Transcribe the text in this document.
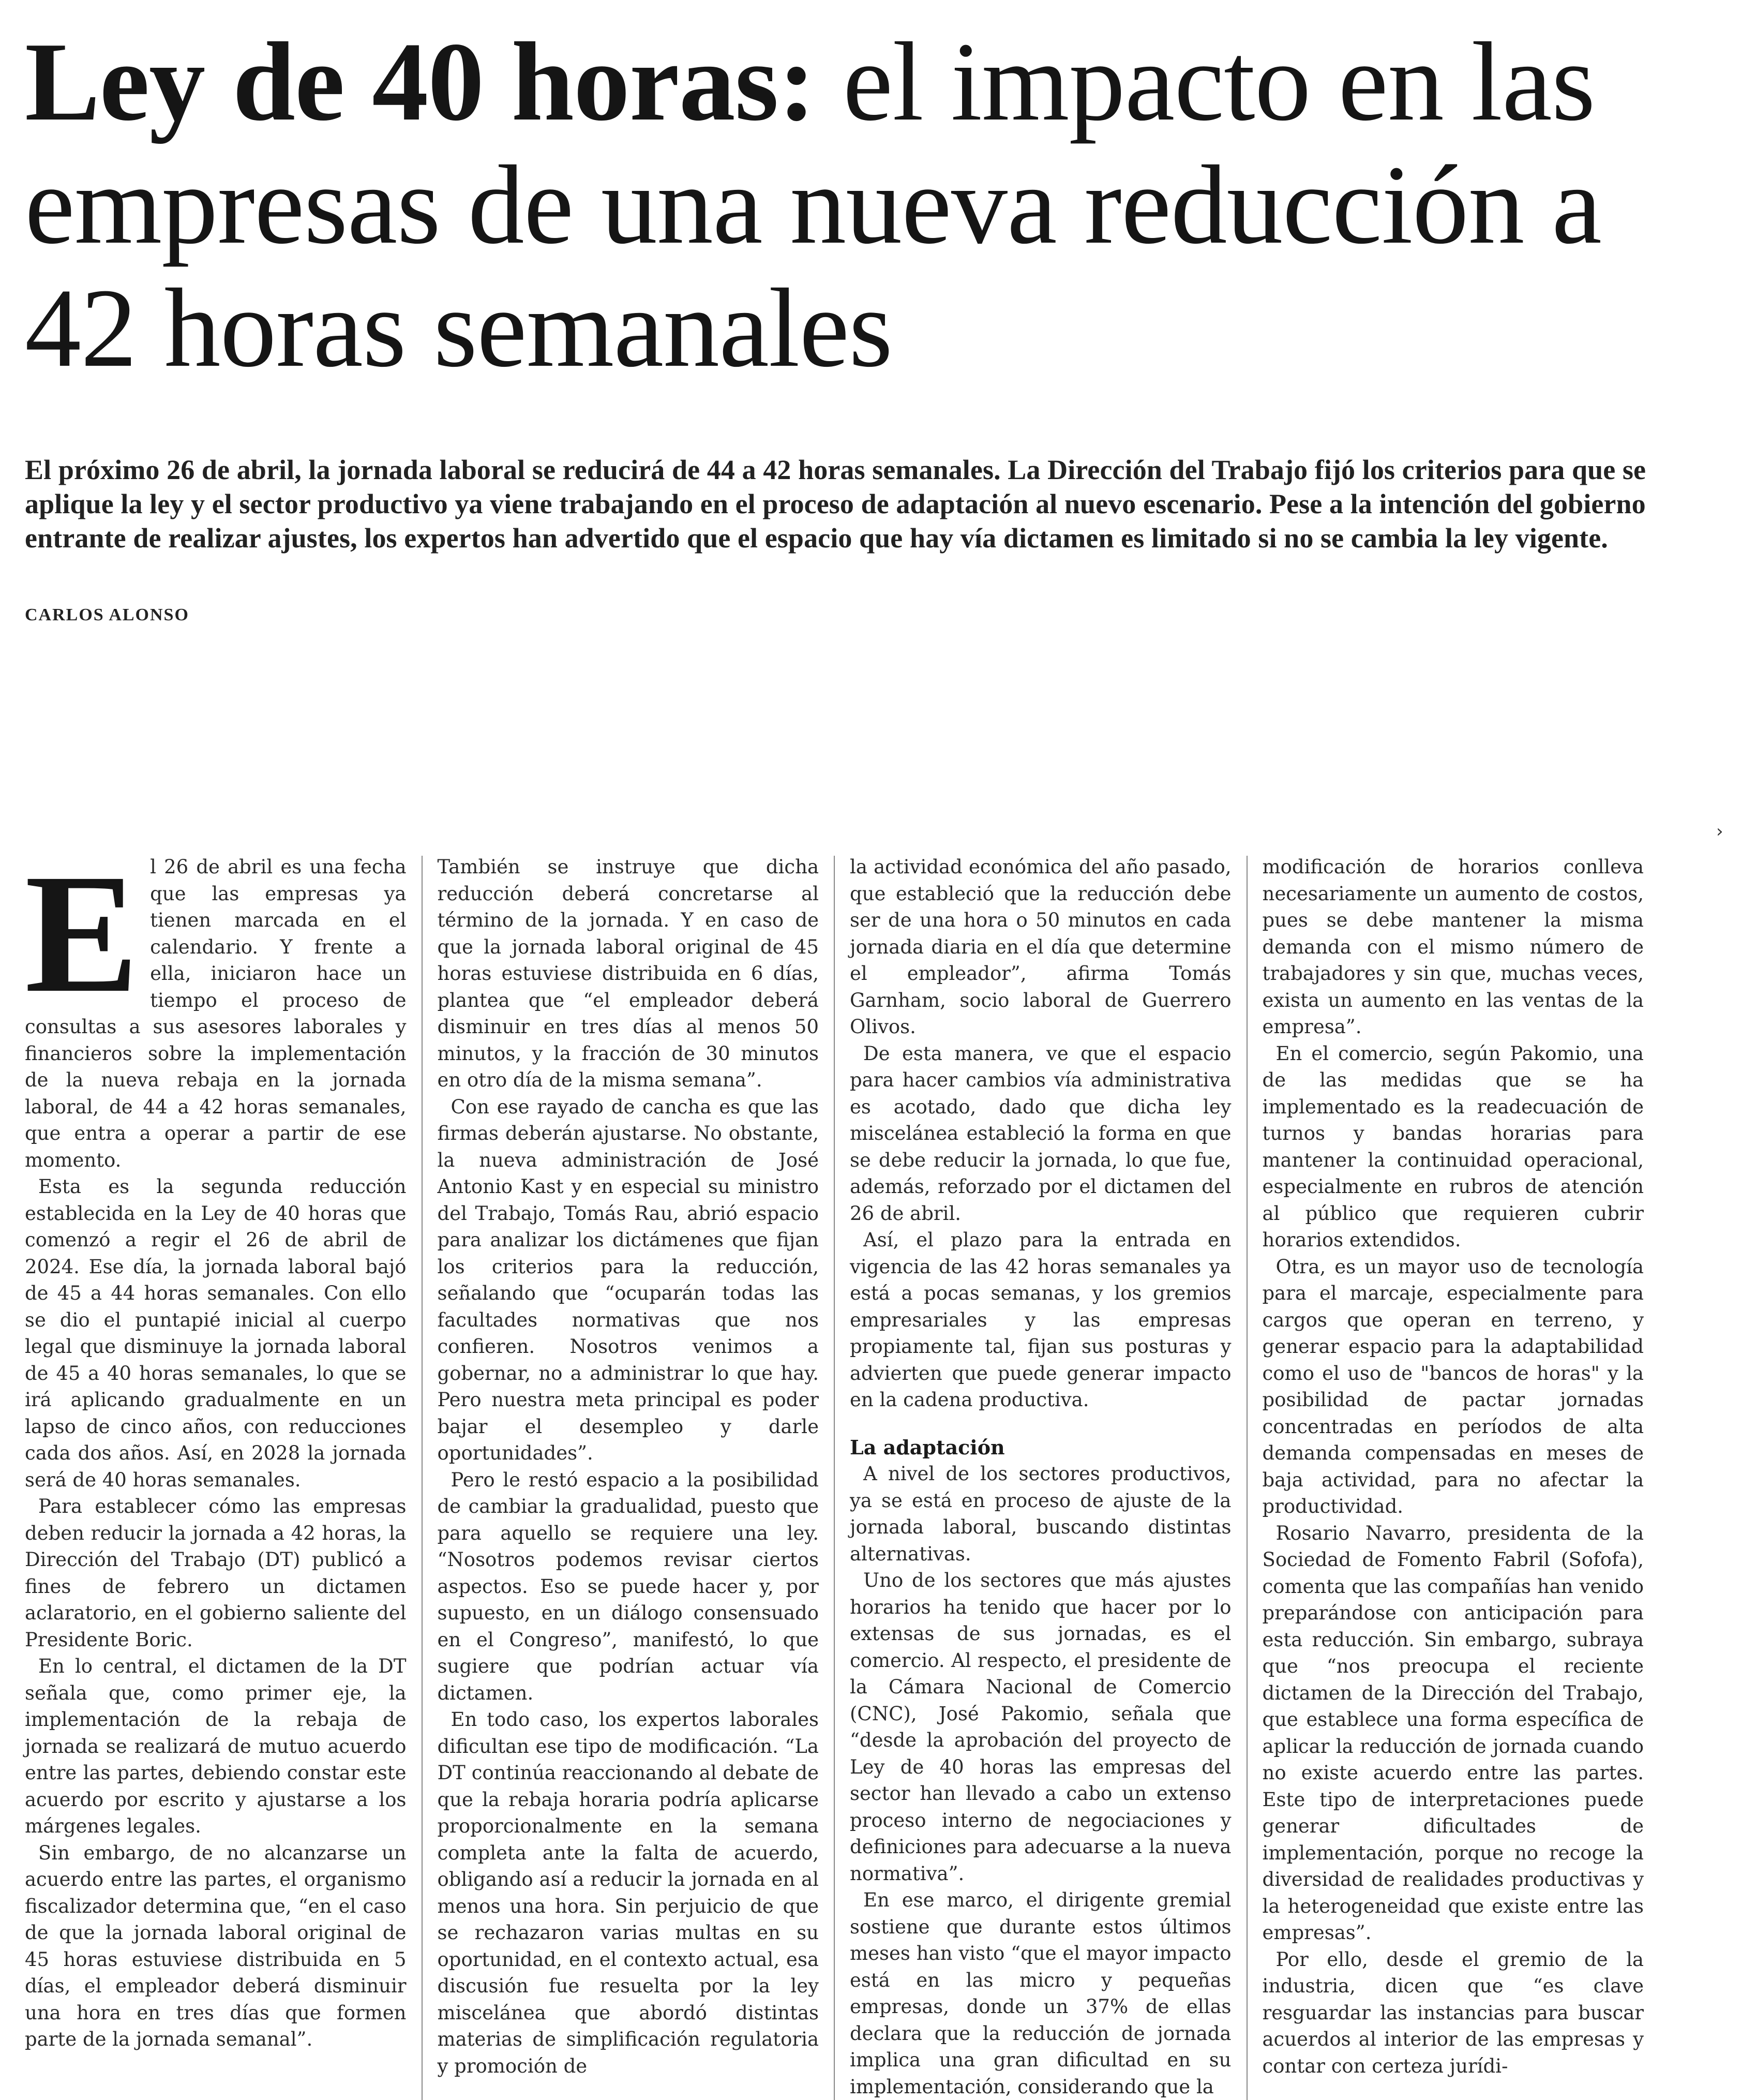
Ley de 40 horas: el impacto en las empresas de una nueva reducción a 42 horas semanales

El próximo 26 de abril, la jornada laboral se reducirá de 44 a 42 horas semanales. La Dirección del Trabajo fijó los criterios para que se aplique la ley y el sector productivo ya viene trabajando en el proceso de adaptación al nuevo escenario. Pese a la intención del gobierno entrante de realizar ajustes, los expertos han advertido que el espacio que hay vía dictamen es limitado si no se cambia la ley vigente.

CARLOS ALONSO
›
E l 26 de abril es una fecha que las empresas ya tienen marcada en el calendario. Y frente a ella, iniciaron hace un tiempo el proceso de consultas a sus asesores laborales y financieros sobre la implementación de la nueva rebaja en la jornada laboral, de 44 a 42 horas semanales, que entra a operar a partir de ese momento.

Esta es la segunda reducción establecida en la Ley de 40 horas que comenzó a regir el 26 de abril de 2024. Ese día, la jornada laboral bajó de 45 a 44 horas semanales. Con ello se dio el puntapié inicial al cuerpo legal que disminuye la jornada laboral de 45 a 40 horas semanales, lo que se irá aplicando gradualmente en un lapso de cinco años, con reducciones cada dos años. Así, en 2028 la jornada será de 40 horas semanales.

Para establecer cómo las empresas deben reducir la jornada a 42 horas, la Dirección del Trabajo (DT) publicó a fines de febrero un dictamen aclaratorio, en el gobierno saliente del Presidente Boric.

En lo central, el dictamen de la DT señala que, como primer eje, la implementación de la rebaja de jornada se realizará de mutuo acuerdo entre las partes, debiendo constar este acuerdo por escrito y ajustarse a los márgenes legales.

Sin embargo, de no alcanzarse un acuerdo entre las partes, el organismo fiscalizador determina que, “en el caso de que la jornada laboral original de 45 horas estuviese distribuida en 5 días, el empleador deberá disminuir una hora en tres días que formen parte de la jornada semanal”.

También se instruye que dicha reducción deberá concretarse al término de la jornada. Y en caso de que la jornada laboral original de 45 horas estuviese distribuida en 6 días, plantea que “el empleador deberá disminuir en tres días al menos 50 minutos, y la fracción de 30 minutos en otro día de la misma semana”.

Con ese rayado de cancha es que las firmas deberán ajustarse. No obstante, la nueva administración de José Antonio Kast y en especial su ministro del Trabajo, Tomás Rau, abrió espacio para analizar los dictámenes que fijan los criterios para la reducción, señalando que “ocuparán todas las facultades normativas que nos confieren. Nosotros venimos a gobernar, no a administrar lo que hay. Pero nuestra meta principal es poder bajar el desempleo y darle oportunidades”.

Pero le restó espacio a la posibilidad de cambiar la gradualidad, puesto que para aquello se requiere una ley. “Nosotros podemos revisar ciertos aspectos. Eso se puede hacer y, por supuesto, en un diálogo consensuado en el Congreso”, manifestó, lo que sugiere que podrían actuar vía dictamen.

En todo caso, los expertos laborales dificultan ese tipo de modificación. “La DT continúa reaccionando al debate de que la rebaja horaria podría aplicarse proporcionalmente en la semana completa ante la falta de acuerdo, obligando así a reducir la jornada en al menos una hora. Sin perjuicio de que se rechazaron varias multas en su oportunidad, en el contexto actual, esa discusión fue resuelta por la ley miscelánea que abordó distintas materias de simplificación regulatoria y promoción de

la actividad económica del año pasado, que estableció que la reducción debe ser de una hora o 50 minutos en cada jornada diaria en el día que determine el empleador”, afirma Tomás Garnham, socio laboral de Guerrero Olivos.

De esta manera, ve que el espacio para hacer cambios vía administrativa es acotado, dado que dicha ley miscelánea estableció la forma en que se debe reducir la jornada, lo que fue, además, reforzado por el dictamen del 26 de abril.

Así, el plazo para la entrada en vigencia de las 42 horas semanales ya está a pocas semanas, y los gremios empresariales y las empresas propiamente tal, fijan sus posturas y advierten que puede generar impacto en la cadena productiva.

La adaptación

A nivel de los sectores productivos, ya se está en proceso de ajuste de la jornada laboral, buscando distintas alternativas.

Uno de los sectores que más ajustes horarios ha tenido que hacer por lo extensas de sus jornadas, es el comercio. Al respecto, el presidente de la Cámara Nacional de Comercio (CNC), José Pakomio, señala que “desde la aprobación del proyecto de Ley de 40 horas las empresas del sector han llevado a cabo un extenso proceso interno de negociaciones y definiciones para adecuarse a la nueva normativa”.

En ese marco, el dirigente gremial sostiene que durante estos últimos meses han visto “que el mayor impacto está en las micro y pequeñas empresas, donde un 37% de ellas declara que la reducción de jornada implica una gran dificultad en su implementación, considerando que la

modificación de horarios conlleva necesariamente un aumento de costos, pues se debe mantener la misma demanda con el mismo número de trabajadores y sin que, muchas veces, exista un aumento en las ventas de la empresa”.

En el comercio, según Pakomio, una de las medidas que se ha implementado es la readecuación de turnos y bandas horarias para mantener la continuidad operacional, especialmente en rubros de atención al público que requieren cubrir horarios extendidos.

Otra, es un mayor uso de tecnología para el marcaje, especialmente para cargos que operan en terreno, y generar espacio para la adaptabilidad como el uso de "bancos de horas" y la posibilidad de pactar jornadas concentradas en períodos de alta demanda compensadas en meses de baja actividad, para no afectar la productividad.

Rosario Navarro, presidenta de la Sociedad de Fomento Fabril (Sofofa), comenta que las compañías han venido preparándose con anticipación para esta reducción. Sin embargo, subraya que “nos preocupa el reciente dictamen de la Dirección del Trabajo, que establece una forma específica de aplicar la reducción de jornada cuando no existe acuerdo entre las partes. Este tipo de interpretaciones puede generar dificultades de implementación, porque no recoge la diversidad de realidades productivas y la heterogeneidad que existe entre las empresas”.

Por ello, desde el gremio de la industria, dicen que “es clave resguardar las instancias para buscar acuerdos al interior de las empresas y contar con certeza jurídi-
